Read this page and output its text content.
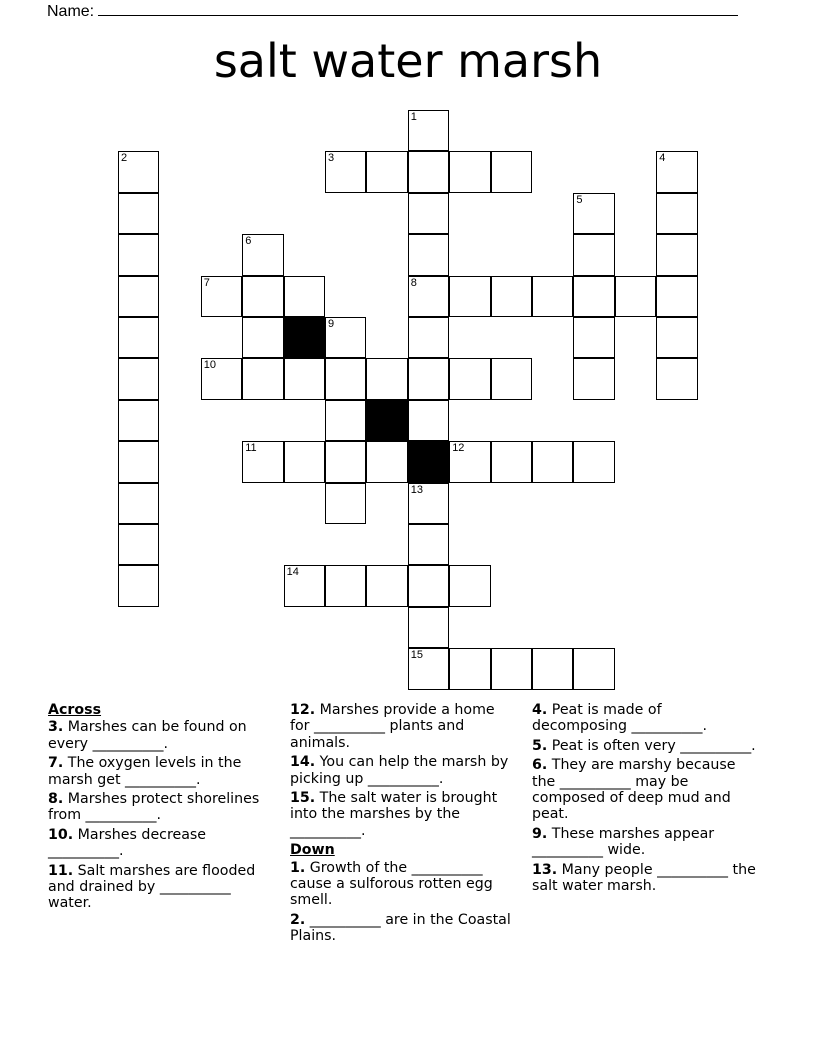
Name:
salt water marsh
1
2	3	4
5
6
7	8
9
10
11	12
13
14
15
Across
3. Marshes can be found on every __________.
7. The oxygen levels in the marsh get __________.
8. Marshes protect shorelines from __________.
10. Marshes decrease __________.
11. Salt marshes are flooded and drained by __________ water.
12. Marshes provide a home for __________ plants and animals.
14. You can help the marsh by picking up __________.
15. The salt water is brought into the marshes by the __________.
Down
1. Growth of the __________ cause a sulforous rotten egg smell.
2. __________ are in the Coastal Plains.
4. Peat is made of decomposing __________.
5. Peat is often very __________.
6. They are marshy because the __________ may be composed of deep mud and peat.
9. These marshes appear __________ wide.
13. Many people __________ the salt water marsh.
